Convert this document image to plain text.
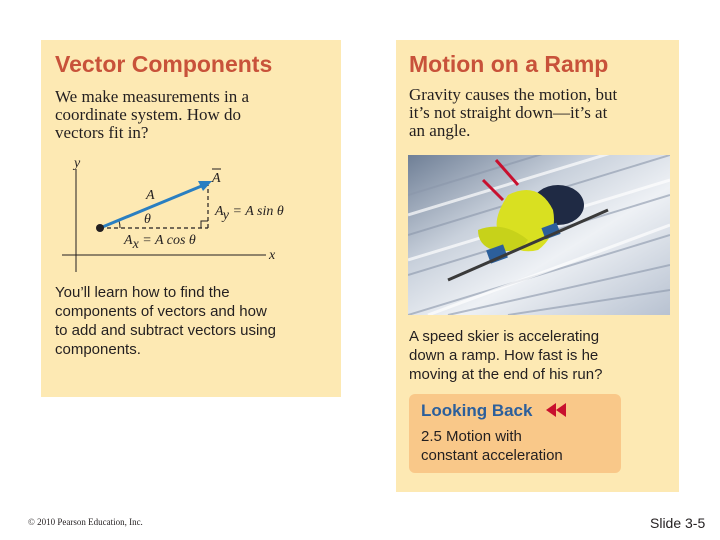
Vector Components
We make measurements in a
coordinate system. How do
vectors fit in?
y
x
A
A
θ
Ay = A sin θ
Ax = A cos θ
You’ll learn how to find the
components of vectors and how
to add and subtract vectors using
components.
Motion on a Ramp
Gravity causes the motion, but
it’s not straight down—it’s at
an angle.
A speed skier is accelerating
down a ramp. How fast is he
moving at the end of his run?
Looking Back
2.5 Motion with
constant acceleration
© 2010 Pearson Education, Inc.	Slide 3-5
